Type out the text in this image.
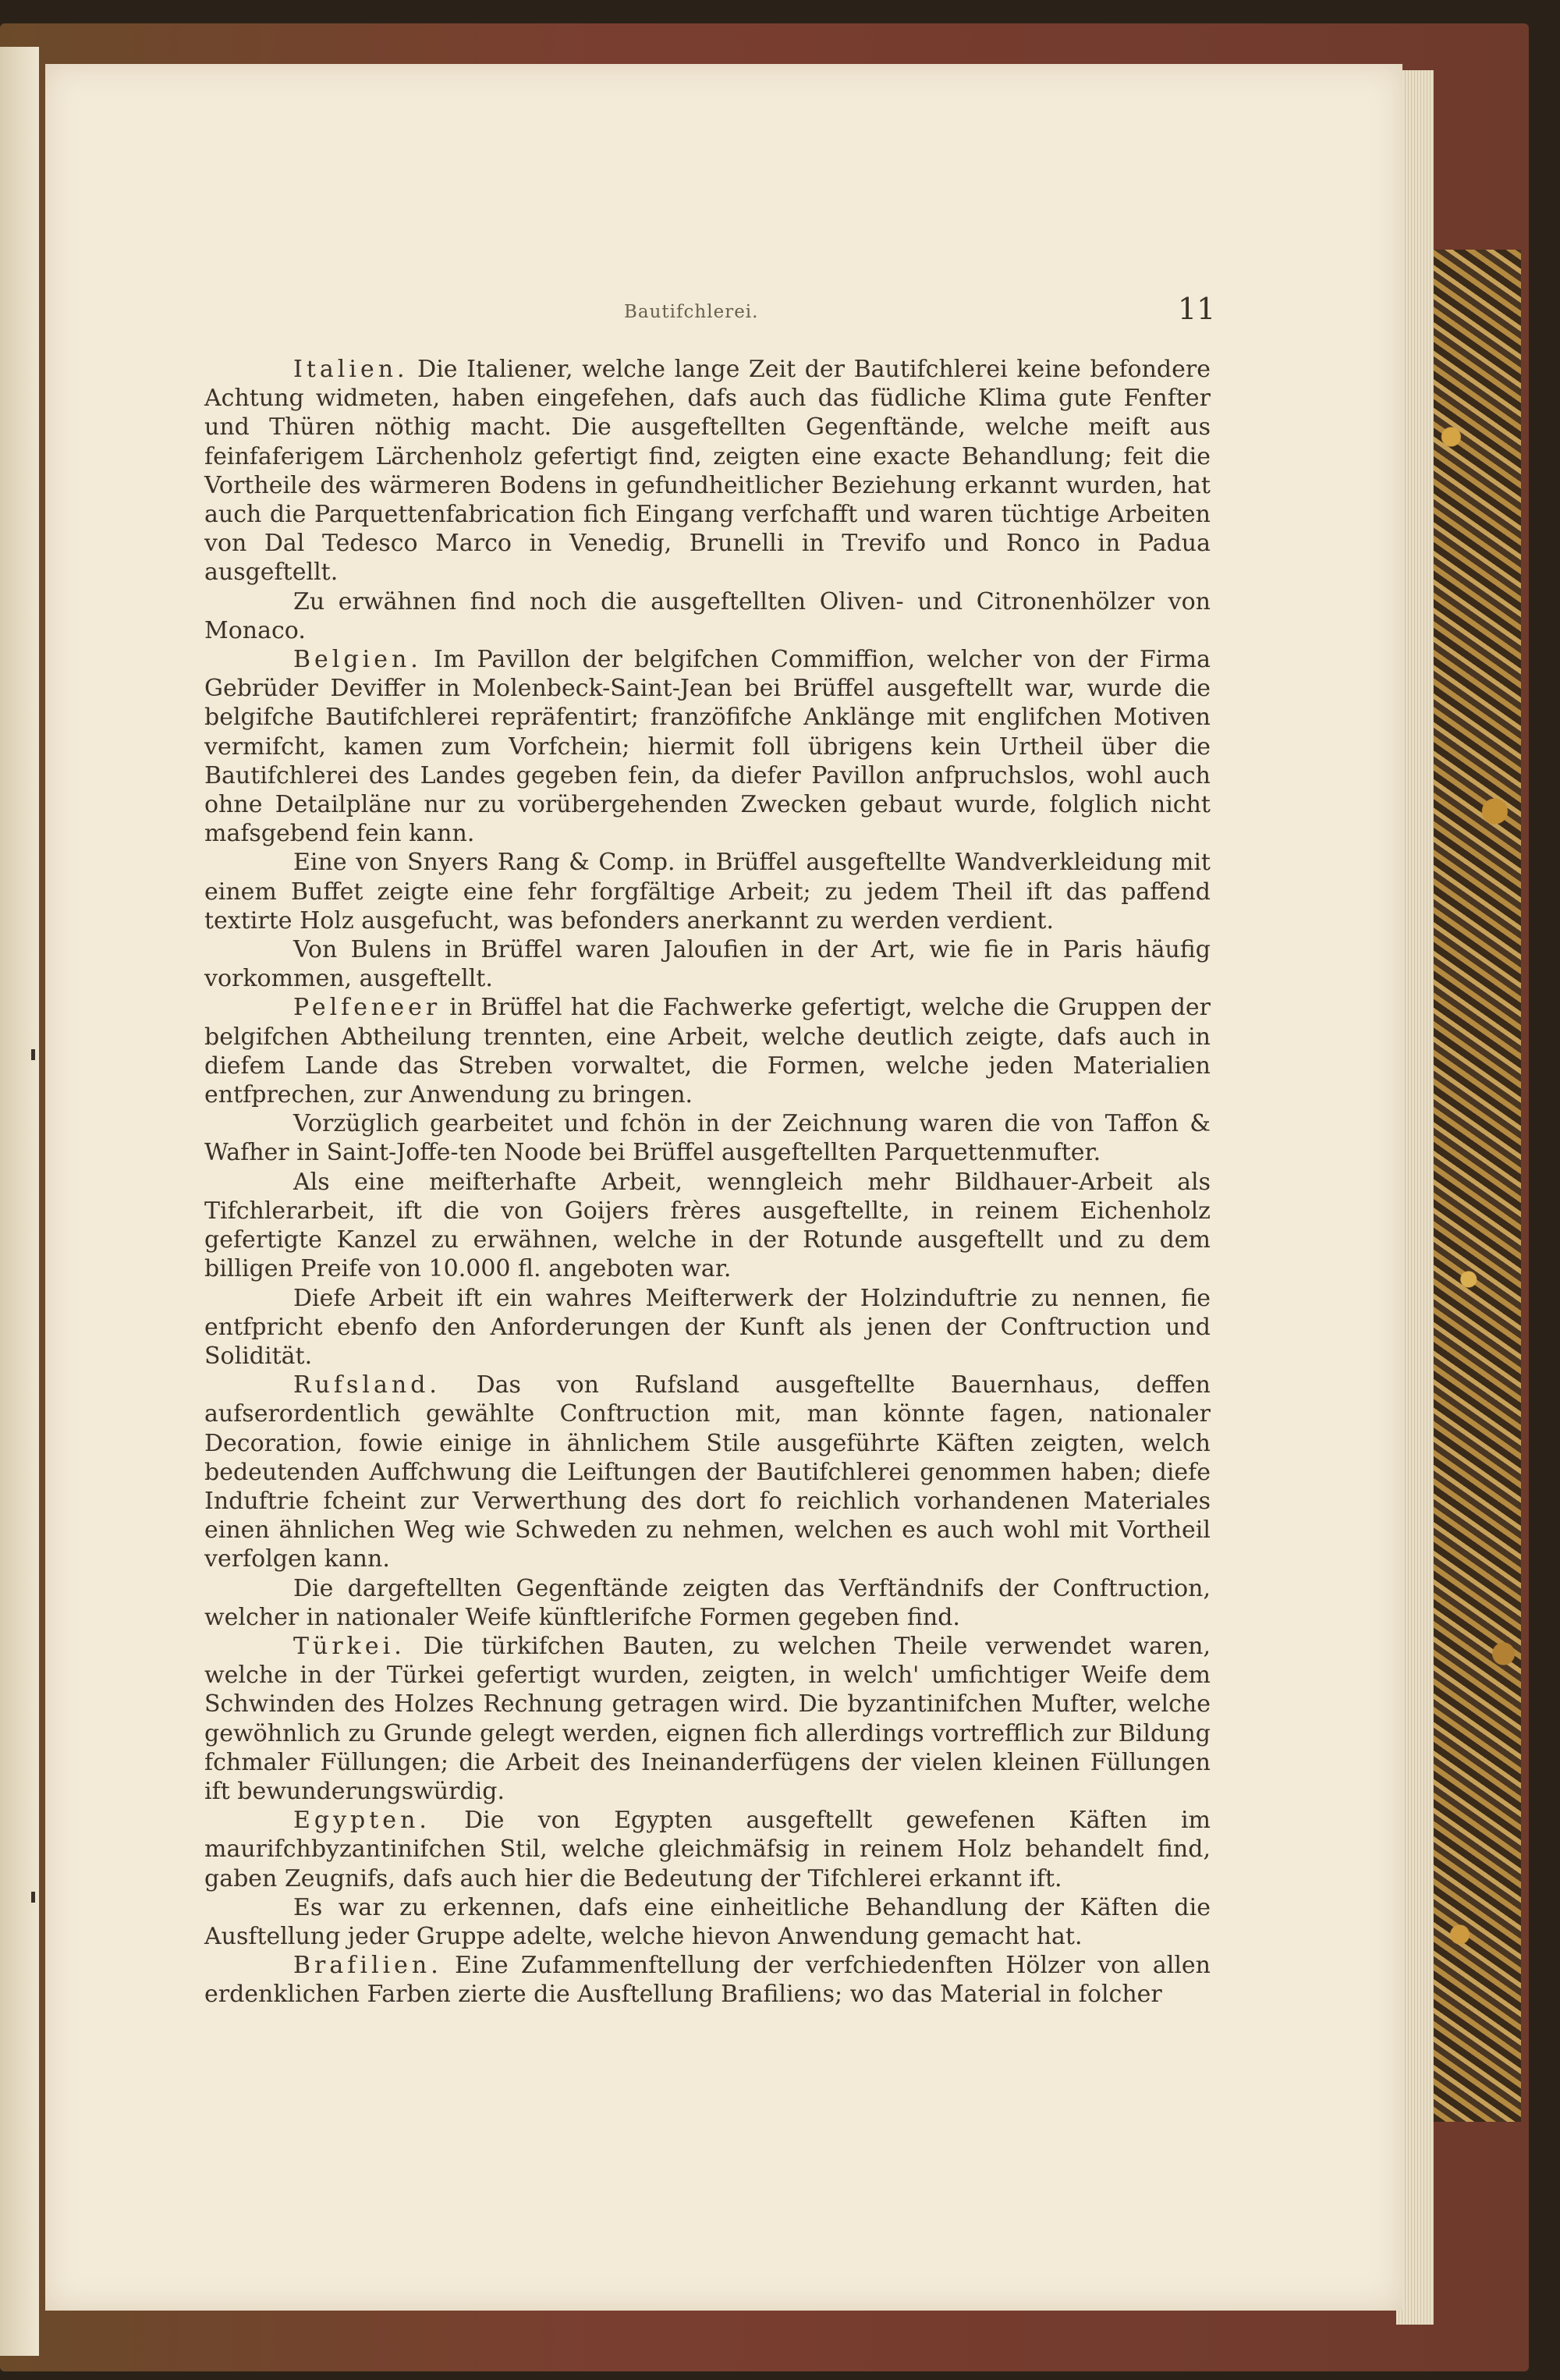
Bautifchlerei.	11

Italien. Die Italiener, welche lange Zeit der Bautifchlerei keine befondere Achtung widmeten, haben eingefehen, dafs auch das füdliche Klima gute Fenfter und Thüren nöthig macht. Die ausgeftellten Gegenftände, welche meift aus feinfaferigem Lärchenholz gefertigt find, zeigten eine exacte Behandlung; feit die Vortheile des wärmeren Bodens in gefundheitlicher Beziehung erkannt wurden, hat auch die Parquettenfabrication fich Eingang verfchafft und waren tüchtige Arbeiten von Dal Tedesco Marco in Venedig, Brunelli in Trevifo und Ronco in Padua ausgeftellt.

Zu erwähnen find noch die ausgeftellten Oliven- und Citronenhölzer von Monaco.

Belgien. Im Pavillon der belgifchen Commiffion, welcher von der Firma Gebrüder Deviffer in Molenbeck-Saint-Jean bei Brüffel ausgeftellt war, wurde die belgifche Bautifchlerei repräfentirt; franzöfifche Anklänge mit englifchen Motiven vermifcht, kamen zum Vorfchein; hiermit foll übrigens kein Urtheil über die Bautifchlerei des Landes gegeben fein, da diefer Pavillon anfpruchslos, wohl auch ohne Detailpläne nur zu vorübergehenden Zwecken gebaut wurde, folglich nicht mafsgebend fein kann.

Eine von Snyers Rang & Comp. in Brüffel ausgeftellte Wandverkleidung mit einem Buffet zeigte eine fehr forgfältige Arbeit; zu jedem Theil ift das paffend textirte Holz ausgefucht, was befonders anerkannt zu werden verdient.

Von Bulens in Brüffel waren Jaloufien in der Art, wie fie in Paris häufig vorkommen, ausgeftellt.

Pelfeneer in Brüffel hat die Fachwerke gefertigt, welche die Gruppen der belgifchen Abtheilung trennten, eine Arbeit, welche deutlich zeigte, dafs auch in diefem Lande das Streben vorwaltet, die Formen, welche jeden Materialien entfprechen, zur Anwendung zu bringen.

Vorzüglich gearbeitet und fchön in der Zeichnung waren die von Taffon & Wafher in Saint-Joffe-ten Noode bei Brüffel ausgeftellten Parquettenmufter.

Als eine meifterhafte Arbeit, wenngleich mehr Bildhauer-Arbeit als Tifchlerarbeit, ift die von Goijers frères ausgeftellte, in reinem Eichenholz gefertigte Kanzel zu erwähnen, welche in der Rotunde ausgeftellt und zu dem billigen Preife von 10.000 fl. angeboten war.

Diefe Arbeit ift ein wahres Meifterwerk der Holzinduftrie zu nennen, fie entfpricht ebenfo den Anforderungen der Kunft als jenen der Conftruction und Solidität.

Rufsland. Das von Rufsland ausgeftellte Bauernhaus, deffen aufserordentlich gewählte Conftruction mit, man könnte fagen, nationaler Decoration, fowie einige in ähnlichem Stile ausgeführte Käften zeigten, welch bedeutenden Auffchwung die Leiftungen der Bautifchlerei genommen haben; diefe Induftrie fcheint zur Verwerthung des dort fo reichlich vorhandenen Materiales einen ähnlichen Weg wie Schweden zu nehmen, welchen es auch wohl mit Vortheil verfolgen kann.

Die dargeftellten Gegenftände zeigten das Verftändnifs der Conftruction, welcher in nationaler Weife künftlerifche Formen gegeben find.

Türkei. Die türkifchen Bauten, zu welchen Theile verwendet waren, welche in der Türkei gefertigt wurden, zeigten, in welch' umfichtiger Weife dem Schwinden des Holzes Rechnung getragen wird. Die byzantinifchen Mufter, welche gewöhnlich zu Grunde gelegt werden, eignen fich allerdings vortrefflich zur Bildung fchmaler Füllungen; die Arbeit des Ineinanderfügens der vielen kleinen Füllungen ift bewunderungswürdig.

Egypten. Die von Egypten ausgeftellt gewefenen Käften im maurifchbyzantinifchen Stil, welche gleichmäfsig in reinem Holz behandelt find, gaben Zeugnifs, dafs auch hier die Bedeutung der Tifchlerei erkannt ift.

Es war zu erkennen, dafs eine einheitliche Behandlung der Käften die Ausftellung jeder Gruppe adelte, welche hievon Anwendung gemacht hat.

Brafilien. Eine Zufammenftellung der verfchiedenften Hölzer von allen erdenklichen Farben zierte die Ausftellung Brafiliens; wo das Material in folcher
